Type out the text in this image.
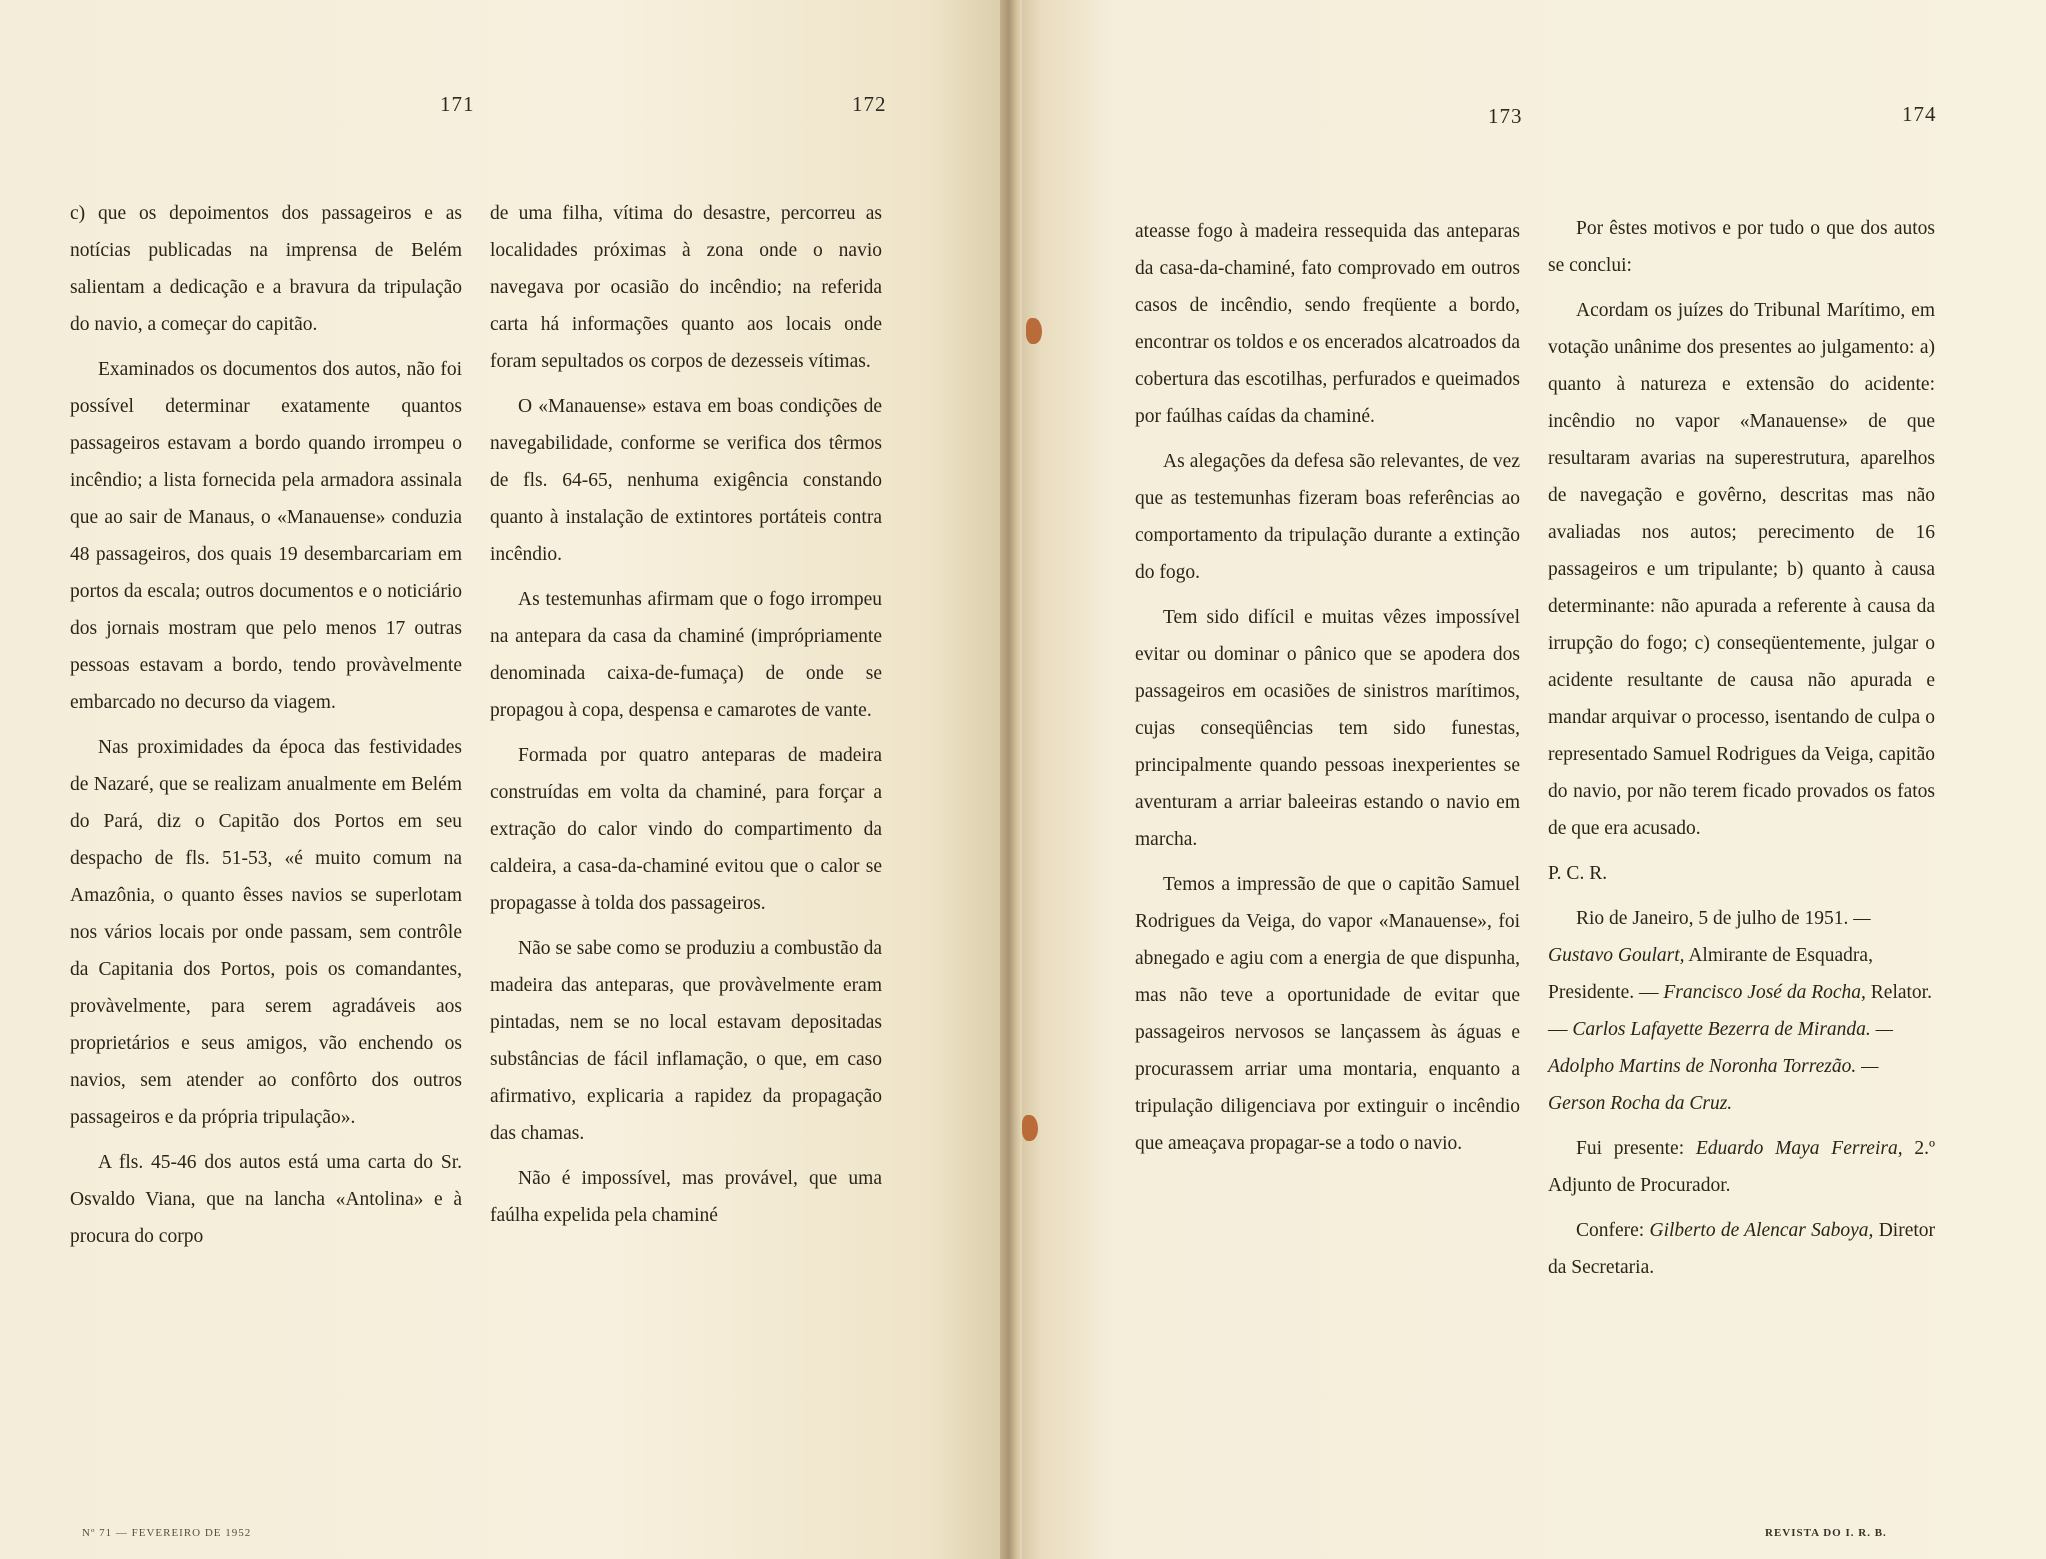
171	172	173	174

c) que os depoimentos dos passageiros e as notícias publicadas na imprensa de Belém salientam a dedicação e a bravura da tripulação do navio, a começar do capitão.

Examinados os documentos dos autos, não foi possível determinar exatamente quantos passageiros estavam a bordo quando irrompeu o incêndio; a lista fornecida pela armadora assinala que ao sair de Manaus, o «Manauense» conduzia 48 passageiros, dos quais 19 desembarcariam em portos da escala; outros documentos e o noticiário dos jornais mostram que pelo menos 17 outras pessoas estavam a bordo, tendo provàvelmente embarcado no decurso da viagem.

Nas proximidades da época das festividades de Nazaré, que se realizam anualmente em Belém do Pará, diz o Capitão dos Portos em seu despacho de fls. 51-53, «é muito comum na Amazônia, o quanto êsses navios se superlotam nos vários locais por onde passam, sem contrôle da Capitania dos Portos, pois os comandantes, provàvelmente, para serem agradáveis aos proprietários e seus amigos, vão enchendo os navios, sem atender ao confôrto dos outros passageiros e da própria tripulação».

A fls. 45-46 dos autos está uma carta do Sr. Osvaldo Viana, que na lancha «Antolina» e à procura do corpo

de uma filha, vítima do desastre, percorreu as localidades próximas à zona onde o navio navegava por ocasião do incêndio; na referida carta há informações quanto aos locais onde foram sepultados os corpos de dezesseis vítimas.

O «Manauense» estava em boas condições de navegabilidade, conforme se verifica dos têrmos de fls. 64-65, nenhuma exigência constando quanto à instalação de extintores portáteis contra incêndio.

As testemunhas afirmam que o fogo irrompeu na antepara da casa da chaminé (imprópriamente denominada caixa-de-fumaça) de onde se propagou à copa, despensa e camarotes de vante.

Formada por quatro anteparas de madeira construídas em volta da chaminé, para forçar a extração do calor vindo do compartimento da caldeira, a casa-da-chaminé evitou que o calor se propagasse à tolda dos passageiros.

Não se sabe como se produziu a combustão da madeira das anteparas, que provàvelmente eram pintadas, nem se no local estavam depositadas substâncias de fácil inflamação, o que, em caso afirmativo, explicaria a rapidez da propagação das chamas.

Não é impossível, mas provável, que uma faúlha expelida pela chaminé

ateasse fogo à madeira ressequida das anteparas da casa-da-chaminé, fato comprovado em outros casos de incêndio, sendo freqüente a bordo, encontrar os toldos e os encerados alcatroados da cobertura das escotilhas, perfurados e queimados por faúlhas caídas da chaminé.

As alegações da defesa são relevantes, de vez que as testemunhas fizeram boas referências ao comportamento da tripulação durante a extinção do fogo.

Tem sido difícil e muitas vêzes impossível evitar ou dominar o pânico que se apodera dos passageiros em ocasiões de sinistros marítimos, cujas conseqüências tem sido funestas, principalmente quando pessoas inexperientes se aventuram a arriar baleeiras estando o navio em marcha.

Temos a impressão de que o capitão Samuel Rodrigues da Veiga, do vapor «Manauense», foi abnegado e agiu com a energia de que dispunha, mas não teve a oportunidade de evitar que passageiros nervosos se lançassem às águas e procurassem arriar uma montaria, enquanto a tripulação diligenciava por extinguir o incêndio que ameaçava propagar-se a todo o navio.

Por êstes motivos e por tudo o que dos autos se conclui:

Acordam os juízes do Tribunal Marítimo, em votação unânime dos presentes ao julgamento: a) quanto à natureza e extensão do acidente: incêndio no vapor «Manauense» de que resultaram avarias na superestrutura, aparelhos de navegação e govêrno, descritas mas não avaliadas nos autos; perecimento de 16 passageiros e um tripulante; b) quanto à causa determinante: não apurada a referente à causa da irrupção do fogo; c) conseqüentemente, julgar o acidente resultante de causa não apurada e mandar arquivar o processo, isentando de culpa o representado Samuel Rodrigues da Veiga, capitão do navio, por não terem ficado provados os fatos de que era acusado.

P. C. R.

Rio de Janeiro, 5 de julho de 1951. — Gustavo Goulart, Almirante de Esquadra, Presidente. — Francisco José da Rocha, Relator. — Carlos Lafayette Bezerra de Miranda. — Adolpho Martins de Noronha Torrezão. — Gerson Rocha da Cruz.

Fui presente: Eduardo Maya Ferreira, 2.º Adjunto de Procurador.

Confere: Gilberto de Alencar Saboya, Diretor da Secretaria.

Nº 71 — FEVEREIRO DE 1952	REVISTA DO I. R. B.
